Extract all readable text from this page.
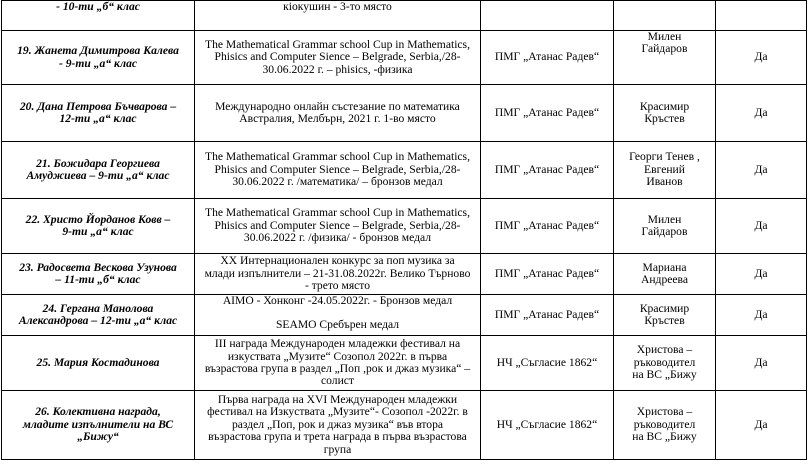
- 10-ти „б“ клас	кіокушин - 3-то място			
19. Жанета Димитрова Калева
- 9-ти „а“ клас	The Mathematical Grammar school Cup in Mathematics,
Phisics and Computer Sience – Belgrade, Serbia,/28-
30.06.2022 г. – phisics, -физика	ПМГ „Атанас Радев“	Милен
Гайдаров	Да
20. Дана Петрова Бъчварова –
12-ти „а“ клас	Международно онлайн състезание по математика
Австралия, Мелбърн, 2021 г. 1-во място	ПМГ „Атанас Радев“	Красимир
Кръстев	Да
21. Божидара Георгиева
Амуджиева – 9-ти „а“ клас	The Mathematical Grammar school Cup in Mathematics,
Phisics and Computer Sience – Belgrade, Serbia,/28-
30.06.2022 г. /математика/ – бронзов медал	ПМГ „Атанас Радев“	Георги Тенев ,
Евгений
Иванов	Да
22. Христо Йорданов Ковв –
9-ти „а“ клас	The Mathematical Grammar school Cup in Mathematics,
Phisics and Computer Sience – Belgrade, Serbia,/28-
30.06.2022 г. /физика/ - бронзов медал	ПМГ „Атанас Радев“	Милен
Гайдаров	Да
23. Радосвета Вескова Узунова
– 11-ти „б“ клас	XX Интернационален конкурс за поп музика за
млади изпълнители – 21-31.08.2022г. Велико Търново
- трето място	ПМГ „Атанас Радев“	Мариана
Андреева	Да
24. Гергана Манолова
Александрова – 12-ти „а“ клас	AIMO - Хонконг -24.05.2022г. - Бронзов медал
SEAMO Сребърен медал	ПМГ „Атанас Радев“	Красимир
Кръстев	Да
25. Мария Костадинова	III награда Международен младежки фестивал на
изкуствата „Музите“ Созопол 2022г. в първа
възрастова група в раздел „Поп ,рок и джаз музика“ –
солист	НЧ „Съгласие 1862“	Христова –
ръководител
на ВС „Бижу	Да
26. Колективна награда,
младите изпълнители на ВС
„Бижу“	Първа награда на XVI Международен младежки
фестивал на Изкуствата „Музите“- Созопол -2022г. в
раздел „Поп, рок и джаз музика“ във втора
възрастова група и трета награда в първа възрастова
група	НЧ „Съгласие 1862“	Христова –
ръководител
на ВС „Бижу	Да
